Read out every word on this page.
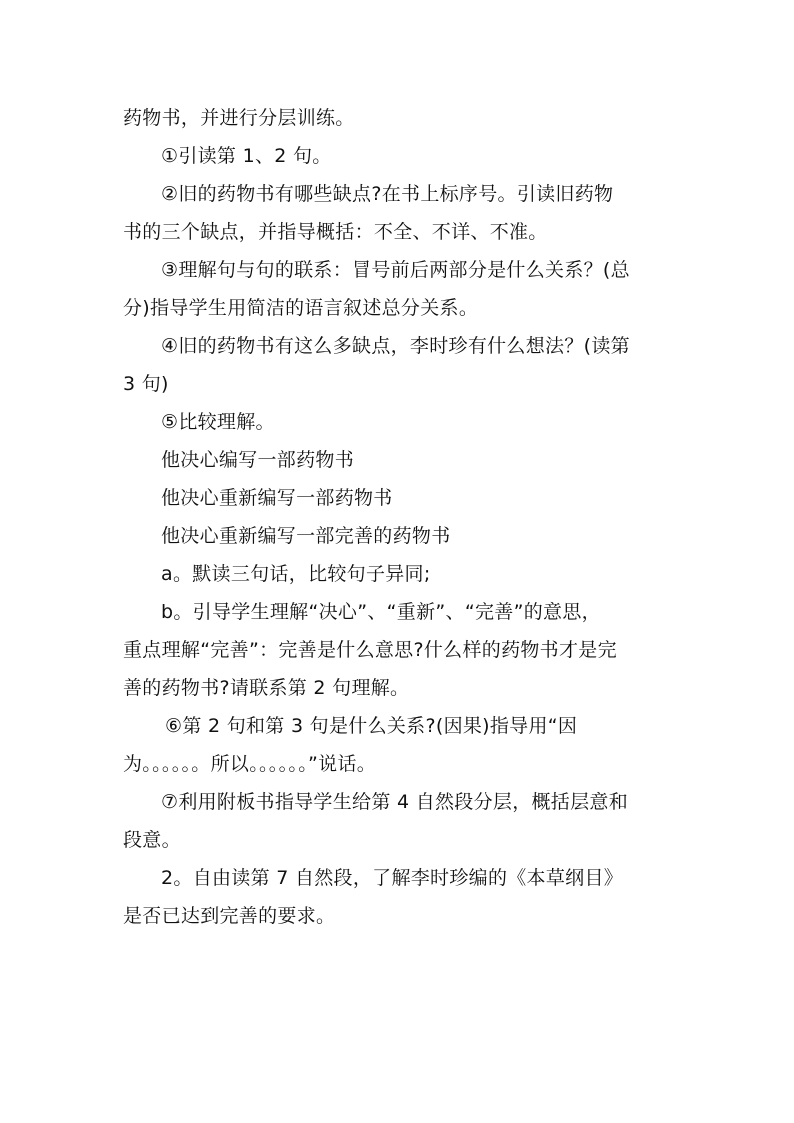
药物书，并进行分层训练。

①引读第 1、2 句。

②旧的药物书有哪些缺点?在书上标序号。引读旧药物

书的三个缺点，并指导概括：不全、不详、不准。

③理解句与句的联系：冒号前后两部分是什么关系？(总

分)指导学生用简洁的语言叙述总分关系。

④旧的药物书有这么多缺点，李时珍有什么想法？(读第

3 句)

⑤比较理解。

他决心编写一部药物书

他决心重新编写一部药物书

他决心重新编写一部完善的药物书

a。默读三句话，比较句子异同;

b。引导学生理解“决心”、“重新”、“完善”的意思，

重点理解“完善”：完善是什么意思?什么样的药物书才是完

善的药物书?请联系第 2 句理解。

⑥第 2 句和第 3 句是什么关系?(因果)指导用“因

为。。。。。。所以。。。。。。”说话。

⑦利用附板书指导学生给第 4 自然段分层，概括层意和

段意。

2。自由读第 7 自然段，了解李时珍编的《本草纲目》

是否已达到完善的要求。
